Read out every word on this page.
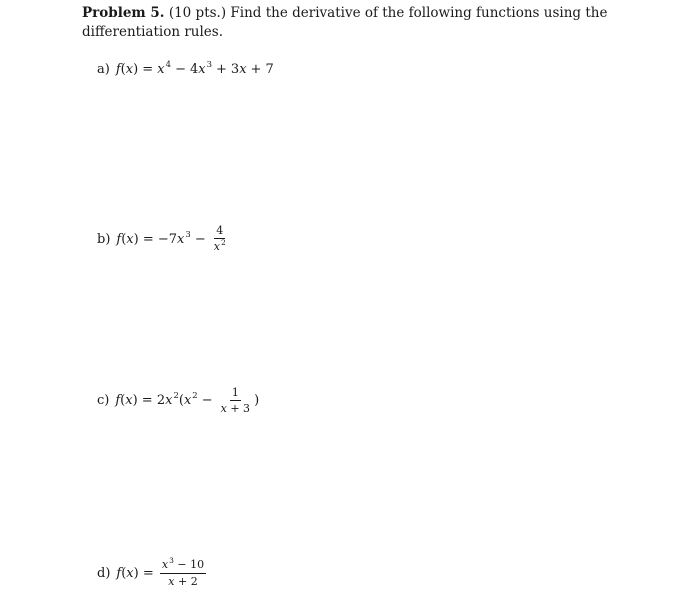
Problem 5. (10 pts.) Find the derivative of the following functions using the differentiation rules.
a) $f(x) = x^4 - 4x^3 + 3x + 7$
b) $f(x) = -7x^3 - \frac{4}{x^2}$
c) $f(x) = 2x^2(x^2 - \frac{1}{x + 3}$ )
d) $f(x) = \frac{x^3 - 10}{x + 2}$
